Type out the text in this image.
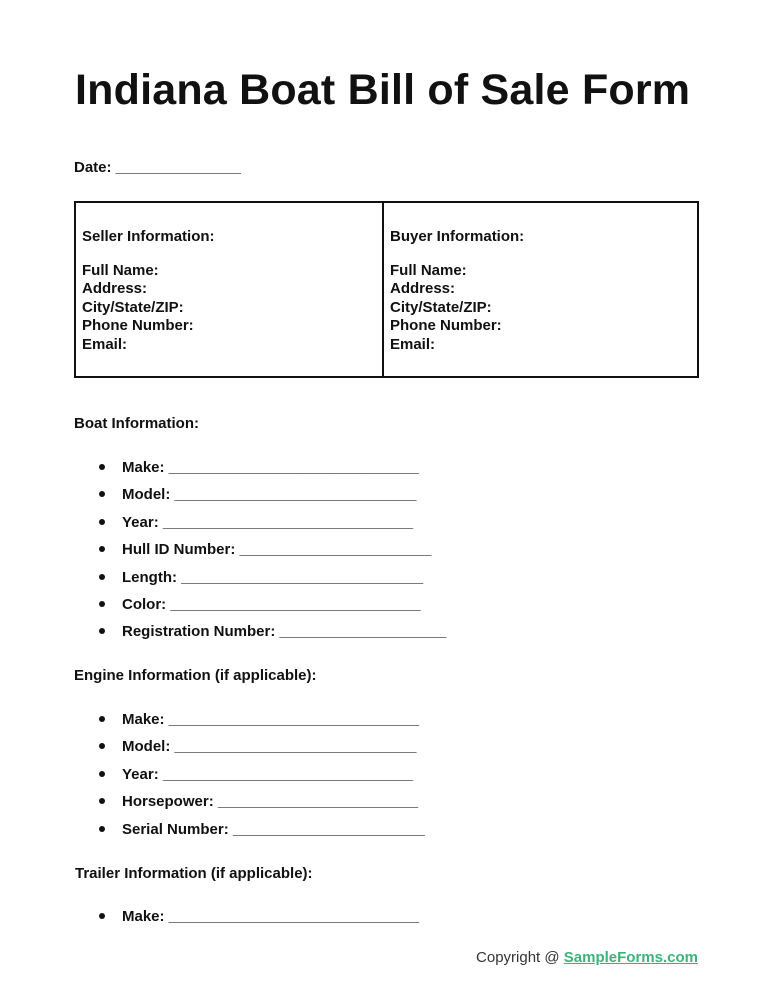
Indiana Boat Bill of Sale Form
Date: _______________
Seller Information:
Full Name:
Address:
City/State/ZIP:
Phone Number:
Email:
Buyer Information:
Full Name:
Address:
City/State/ZIP:
Phone Number:
Email:
Boat Information:
Make: ______________________________
Model: _____________________________
Year: ______________________________
Hull ID Number: _______________________
Length: _____________________________
Color: ______________________________
Registration Number: ____________________
Engine Information (if applicable):
Make: ______________________________
Model: _____________________________
Year: ______________________________
Horsepower: ________________________
Serial Number: _______________________
Trailer Information (if applicable):
Make: ______________________________
Copyright @ SampleForms.com
